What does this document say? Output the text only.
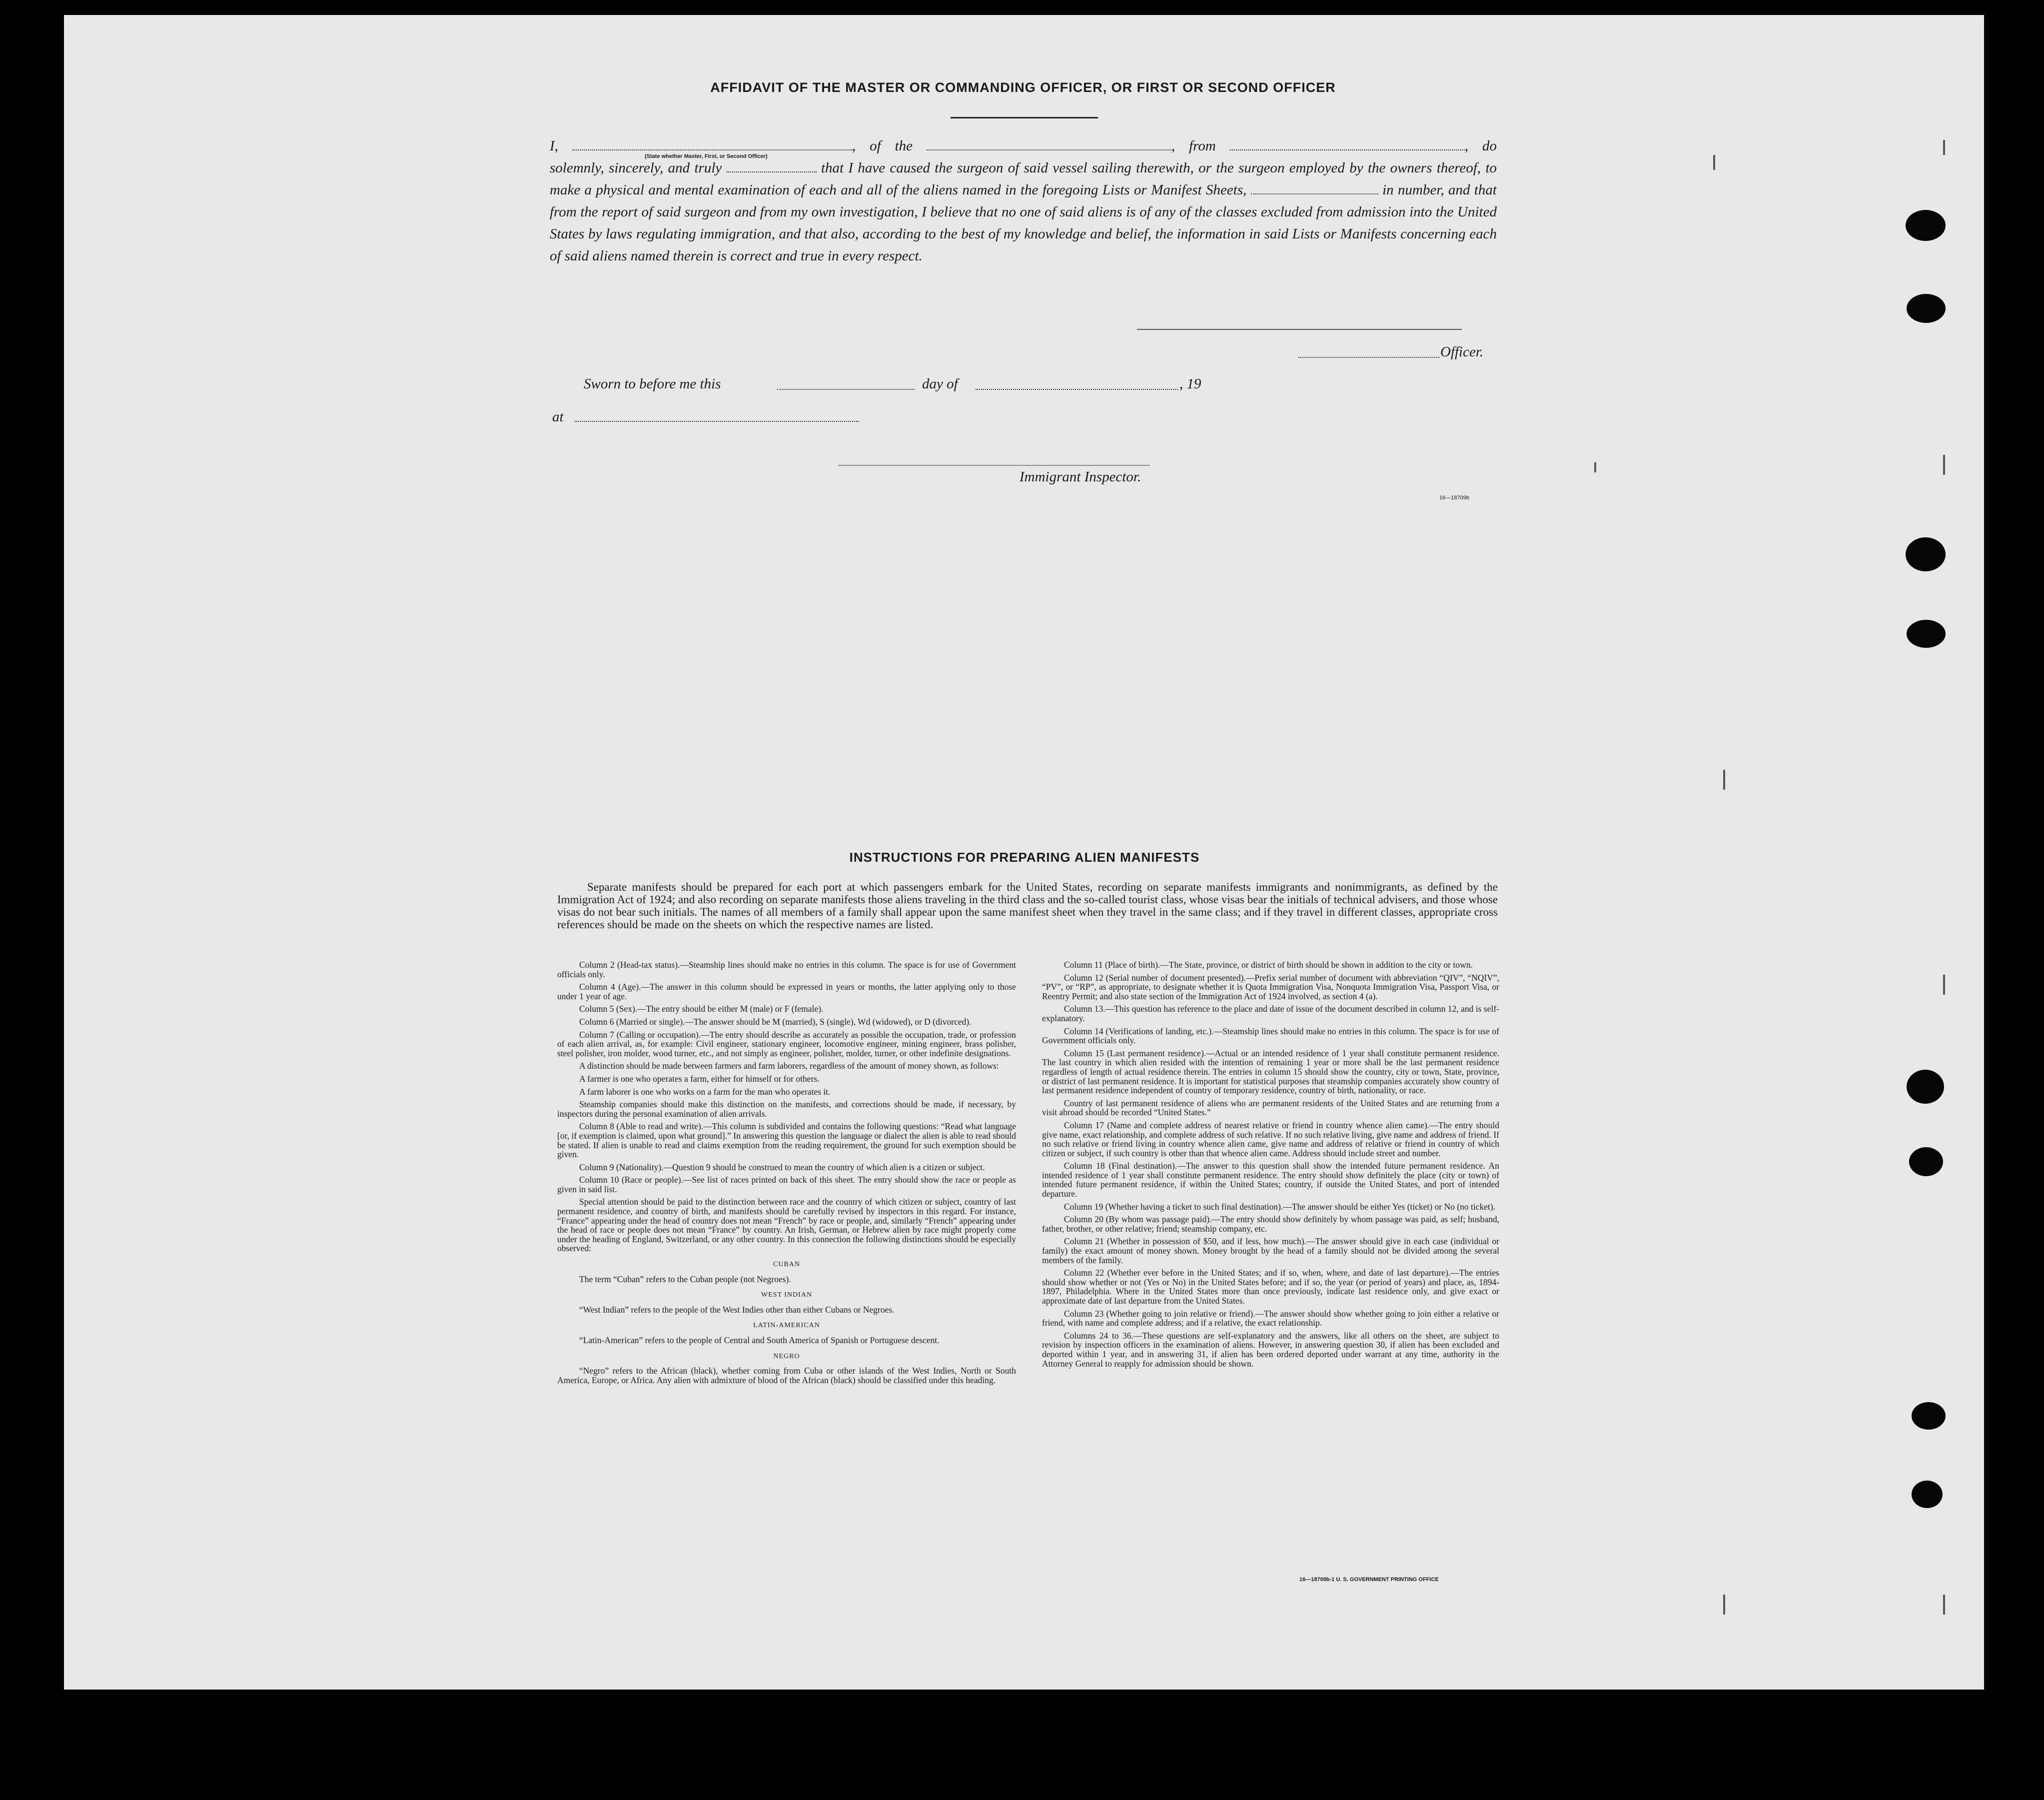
AFFIDAVIT OF THE MASTER OR COMMANDING OFFICER, OR FIRST OR SECOND OFFICER

I,	, of the	, from	, do

solemnly, sincerely, and truly	that I have caused the surgeon of said vessel sailing therewith, or the surgeon employed by the owners thereof, to make a physical and mental examination of each and all of the aliens named in the foregoing Lists or Manifest Sheets,	in number, and that from the report of said surgeon and from my own investigation, I believe that no one of said aliens is of any of the classes excluded from admission into the United States by laws regulating immigration, and that also, according to the best of my knowledge and belief, the information in said Lists or Manifests concerning each of said aliens named therein is correct and true in every respect.

(State whether Master, First, or Second Officer)
Officer.
Sworn to before me this	day of	, 19
at
Immigrant Inspector.
16—18709b
INSTRUCTIONS FOR PREPARING ALIEN MANIFESTS
Separate manifests should be prepared for each port at which passengers embark for the United States, recording on separate manifests immigrants and nonimmigrants, as defined by the Immigration Act of 1924; and also recording on separate manifests those aliens traveling in the third class and the so-called tourist class, whose visas bear the initials of technical advisers, and those whose visas do not bear such initials. The names of all members of a family shall appear upon the same manifest sheet when they travel in the same class; and if they travel in different classes, appropriate cross references should be made on the sheets on which the respective names are listed.

Column 2 (Head-tax status).—Steamship lines should make no entries in this column. The space is for use of Government officials only.

Column 4 (Age).—The answer in this column should be expressed in years or months, the latter applying only to those under 1 year of age.

Column 5 (Sex).—The entry should be either M (male) or F (female).

Column 6 (Married or single).—The answer should be M (married), S (single), Wd (widowed), or D (divorced).

Column 7 (Calling or occupation).—The entry should describe as accurately as possible the occupation, trade, or profession of each alien arrival, as, for example: Civil engineer, stationary engineer, locomotive engineer, mining engineer, brass polisher, steel polisher, iron molder, wood turner, etc., and not simply as engineer, polisher, molder, turner, or other indefinite designations.

A distinction should be made between farmers and farm laborers, regardless of the amount of money shown, as follows:

A farmer is one who operates a farm, either for himself or for others.

A farm laborer is one who works on a farm for the man who operates it.

Steamship companies should make this distinction on the manifests, and corrections should be made, if necessary, by inspectors during the personal examination of alien arrivals.

Column 8 (Able to read and write).—This column is subdivided and contains the following questions: “Read what language [or, if exemption is claimed, upon what ground].” In answering this question the language or dialect the alien is able to read should be stated. If alien is unable to read and claims exemption from the reading requirement, the ground for such exemption should be given.

Column 9 (Nationality).—Question 9 should be construed to mean the country of which alien is a citizen or subject.

Column 10 (Race or people).—See list of races printed on back of this sheet. The entry should show the race or people as given in said list.

Special attention should be paid to the distinction between race and the country of which citizen or subject, country of last permanent residence, and country of birth, and manifests should be carefully revised by inspectors in this regard. For instance, “France” appearing under the head of country does not mean “French” by race or people, and, similarly “French” appearing under the head of race or people does not mean “France” by country. An Irish, German, or Hebrew alien by race might properly come under the heading of England, Switzerland, or any other country. In this connection the following distinctions should be especially observed:

CUBAN

The term “Cuban” refers to the Cuban people (not Negroes).

WEST INDIAN

“West Indian” refers to the people of the West Indies other than either Cubans or Negroes.

LATIN-AMERICAN

“Latin-American” refers to the people of Central and South America of Spanish or Portuguese descent.

NEGRO

“Negro” refers to the African (black), whether coming from Cuba or other islands of the West Indies, North or South America, Europe, or Africa. Any alien with admixture of blood of the African (black) should be classified under this heading.

Column 11 (Place of birth).—The State, province, or district of birth should be shown in addition to the city or town.

Column 12 (Serial number of document presented).—Prefix serial number of document with abbreviation “QIV”, “NQIV”, “PV”, or “RP”, as appropriate, to designate whether it is Quota Immigration Visa, Nonquota Immigration Visa, Passport Visa, or Reentry Permit; and also state section of the Immigration Act of 1924 involved, as section 4 (a).

Column 13.—This question has reference to the place and date of issue of the document described in column 12, and is self-explanatory.

Column 14 (Verifications of landing, etc.).—Steamship lines should make no entries in this column. The space is for use of Government officials only.

Column 15 (Last permanent residence).—Actual or an intended residence of 1 year shall constitute permanent residence. The last country in which alien resided with the intention of remaining 1 year or more shall be the last permanent residence regardless of length of actual residence therein. The entries in column 15 should show the country, city or town, State, province, or district of last permanent residence. It is important for statistical purposes that steamship companies accurately show country of last permanent residence independent of country of temporary residence, country of birth, nationality, or race.

Country of last permanent residence of aliens who are permanent residents of the United States and are returning from a visit abroad should be recorded “United States.”

Column 17 (Name and complete address of nearest relative or friend in country whence alien came).—The entry should give name, exact relationship, and complete address of such relative. If no such relative living, give name and address of friend. If no such relative or friend living in country whence alien came, give name and address of relative or friend in country of which citizen or subject, if such country is other than that whence alien came. Address should include street and number.

Column 18 (Final destination).—The answer to this question shall show the intended future permanent residence. An intended residence of 1 year shall constitute permanent residence. The entry should show definitely the place (city or town) of intended future permanent residence, if within the United States; country, if outside the United States, and port of intended departure.

Column 19 (Whether having a ticket to such final destination).—The answer should be either Yes (ticket) or No (no ticket).

Column 20 (By whom was passage paid).—The entry should show definitely by whom passage was paid, as self; husband, father, brother, or other relative; friend; steamship company, etc.

Column 21 (Whether in possession of $50, and if less, how much).—The answer should give in each case (individual or family) the exact amount of money shown. Money brought by the head of a family should not be divided among the several members of the family.

Column 22 (Whether ever before in the United States; and if so, when, where, and date of last departure).—The entries should show whether or not (Yes or No) in the United States before; and if so, the year (or period of years) and place, as, 1894-1897, Philadelphia. Where in the United States more than once previously, indicate last residence only, and give exact or approximate date of last departure from the United States.

Column 23 (Whether going to join relative or friend).—The answer should show whether going to join either a relative or friend, with name and complete address; and if a relative, the exact relationship.

Columns 24 to 36.—These questions are self-explanatory and the answers, like all others on the sheet, are subject to revision by inspection officers in the examination of aliens. However, in answering question 30, if alien has been excluded and deported within 1 year, and in answering 31, if alien has been ordered deported under warrant at any time, authority in the Attorney General to reapply for admission should be shown.

16—18709b-1 U. S. GOVERNMENT PRINTING OFFICE
